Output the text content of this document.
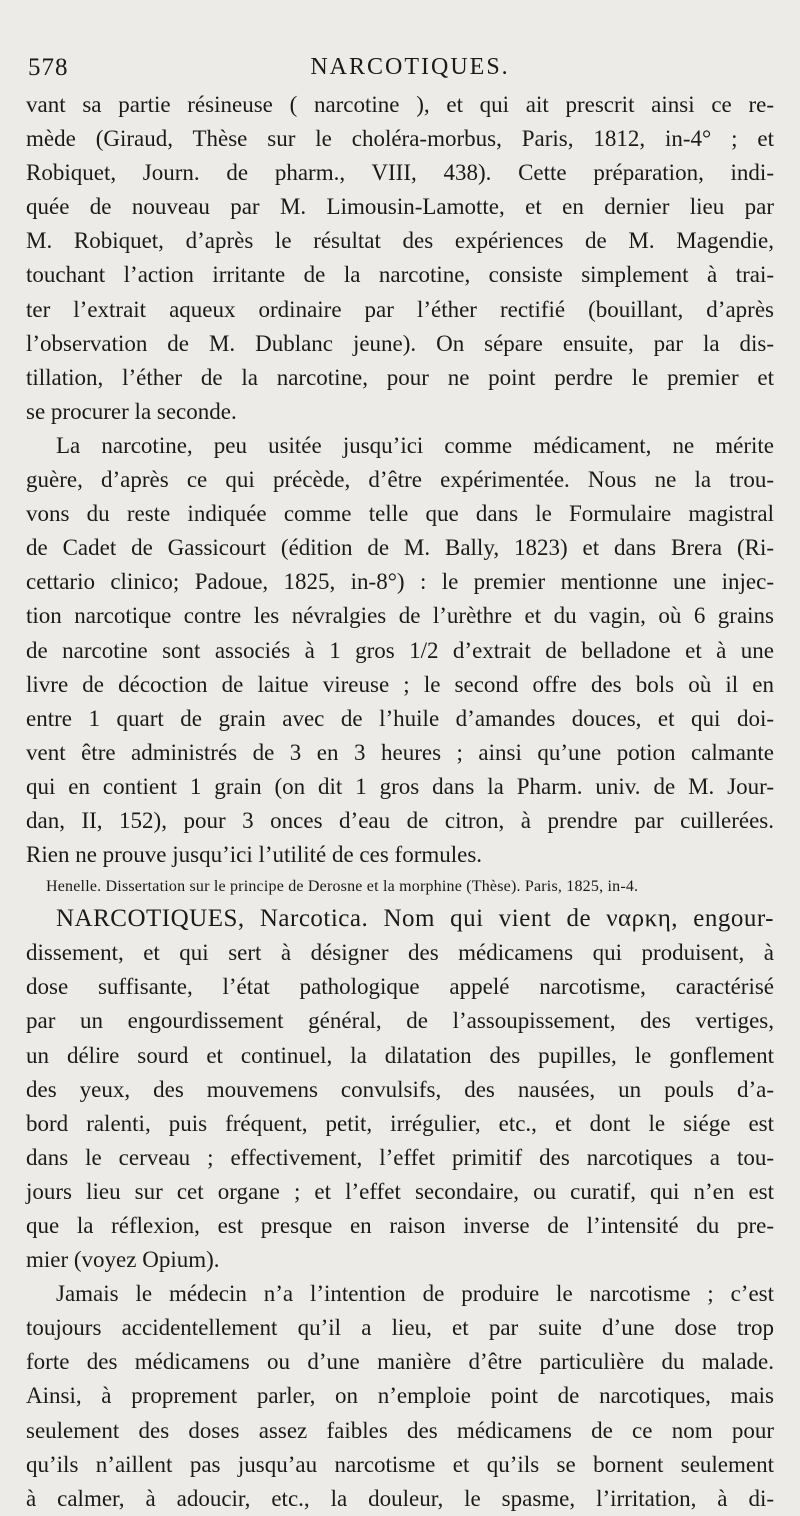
578	NARCOTIQUES.
vant sa partie résineuse ( narcotine ), et qui ait prescrit ainsi ce re-
mède (Giraud, Thèse sur le choléra-morbus, Paris, 1812, in-4° ; et
Robiquet, Journ. de pharm., VIII, 438). Cette préparation, indi-
quée de nouveau par M. Limousin-Lamotte, et en dernier lieu par
M. Robiquet, d’après le résultat des expériences de M. Magendie,
touchant l’action irritante de la narcotine, consiste simplement à trai-
ter l’extrait aqueux ordinaire par l’éther rectifié (bouillant, d’après
l’observation de M. Dublanc jeune). On sépare ensuite, par la dis-
tillation, l’éther de la narcotine, pour ne point perdre le premier et
se procurer la seconde.
La narcotine, peu usitée jusqu’ici comme médicament, ne mérite
guère, d’après ce qui précède, d’être expérimentée. Nous ne la trou-
vons du reste indiquée comme telle que dans le Formulaire magistral
de Cadet de Gassicourt (édition de M. Bally, 1823) et dans Brera (Ri-
cettario clinico; Padoue, 1825, in-8°) : le premier mentionne une injec-
tion narcotique contre les névralgies de l’urèthre et du vagin, où 6 grains
de narcotine sont associés à 1 gros 1/2 d’extrait de belladone et à une
livre de décoction de laitue vireuse ; le second offre des bols où il en
entre 1 quart de grain avec de l’huile d’amandes douces, et qui doi-
vent être administrés de 3 en 3 heures ; ainsi qu’une potion calmante
qui en contient 1 grain (on dit 1 gros dans la Pharm. univ. de M. Jour-
dan, II, 152), pour 3 onces d’eau de citron, à prendre par cuillerées.
Rien ne prouve jusqu’ici l’utilité de ces formules.
Henelle. Dissertation sur le principe de Derosne et la morphine (Thèse). Paris, 1825, in-4.
NARCOTIQUES, Narcotica. Nom qui vient de ναρκη, engour-
dissement, et qui sert à désigner des médicamens qui produisent, à
dose suffisante, l’état pathologique appelé narcotisme, caractérisé
par un engourdissement général, de l’assoupissement, des vertiges,
un délire sourd et continuel, la dilatation des pupilles, le gonflement
des yeux, des mouvemens convulsifs, des nausées, un pouls d’a-
bord ralenti, puis fréquent, petit, irrégulier, etc., et dont le siége est
dans le cerveau ; effectivement, l’effet primitif des narcotiques a tou-
jours lieu sur cet organe ; et l’effet secondaire, ou curatif, qui n’en est
que la réflexion, est presque en raison inverse de l’intensité du pre-
mier (voyez Opium).
Jamais le médecin n’a l’intention de produire le narcotisme ; c’est
toujours accidentellement qu’il a lieu, et par suite d’une dose trop
forte des médicamens ou d’une manière d’être particulière du malade.
Ainsi, à proprement parler, on n’emploie point de narcotiques, mais
seulement des doses assez faibles des médicamens de ce nom pour
qu’ils n’aillent pas jusqu’au narcotisme et qu’ils se bornent seulement
à calmer, à adoucir, etc., la douleur, le spasme, l’irritation, à di-
